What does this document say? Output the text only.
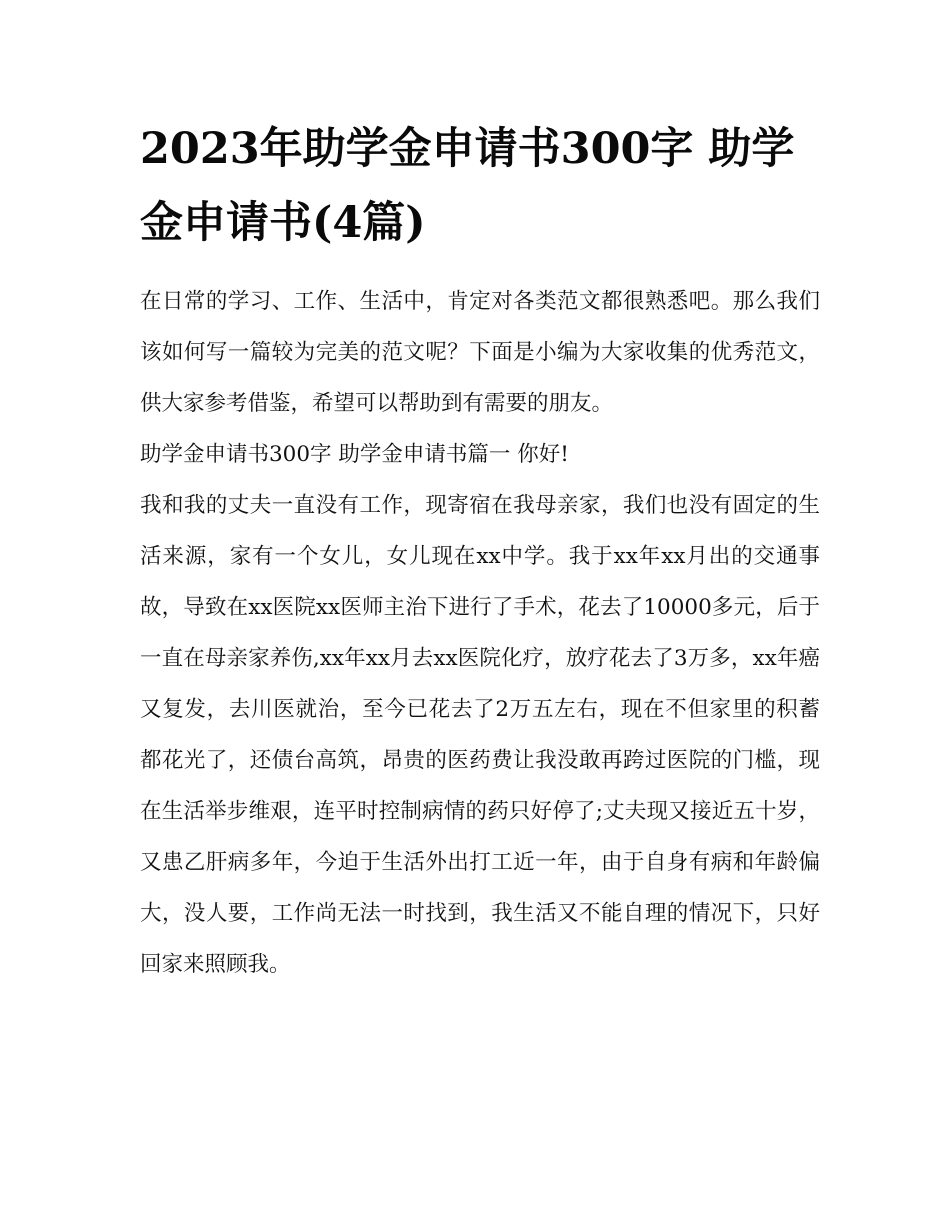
2023年助学金申请书300字 助学金申请书(4篇)

在日常的学习、工作、生活中，肯定对各类范文都很熟悉吧。那么我们该如何写一篇较为完美的范文呢？下面是小编为大家收集的优秀范文，供大家参考借鉴，希望可以帮助到有需要的朋友。

助学金申请书300字 助学金申请书篇一 你好!

我和我的丈夫一直没有工作，现寄宿在我母亲家，我们也没有固定的生活来源，家有一个女儿，女儿现在xx中学。我于xx年xx月出的交通事故，导致在xx医院xx医师主治下进行了手术，花去了10000多元，后于一直在母亲家养伤,xx年xx月去xx医院化疗，放疗花去了3万多，xx年癌又复发，去川医就治，至今已花去了2万五左右，现在不但家里的积蓄都花光了，还债台高筑，昂贵的医药费让我没敢再跨过医院的门槛，现在生活举步维艰，连平时控制病情的药只好停了;丈夫现又接近五十岁，又患乙肝病多年，今迫于生活外出打工近一年，由于自身有病和年龄偏大，没人要，工作尚无法一时找到，我生活又不能自理的情况下，只好回家来照顾我。
